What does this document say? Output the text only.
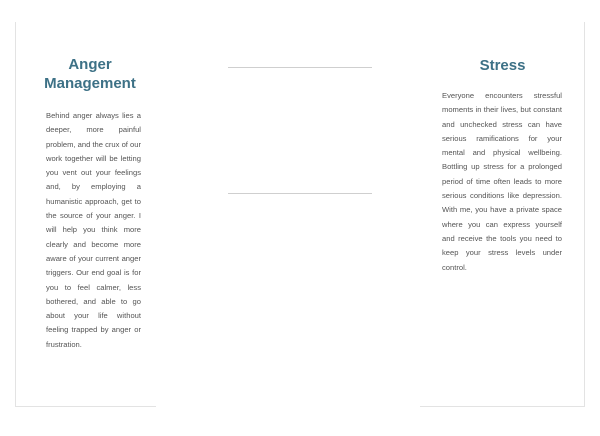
Anger Management

Behind anger always lies a deeper, more painful problem, and the crux of our work together will be letting you vent out your feelings and, by employing a humanistic approach, get to the source of your anger. I will help you think more clearly and become more aware of your current anger triggers. Our end goal is for you to feel calmer, less bothered, and able to go about your life without feeling trapped by anger or frustration.

Stress

Everyone encounters stressful moments in their lives, but constant and unchecked stress can have serious ramifications for your mental and physical wellbeing. Bottling up stress for a prolonged period of time often leads to more serious conditions like depression. With me, you have a private space where you can express yourself and receive the tools you need to keep your stress levels under control.
